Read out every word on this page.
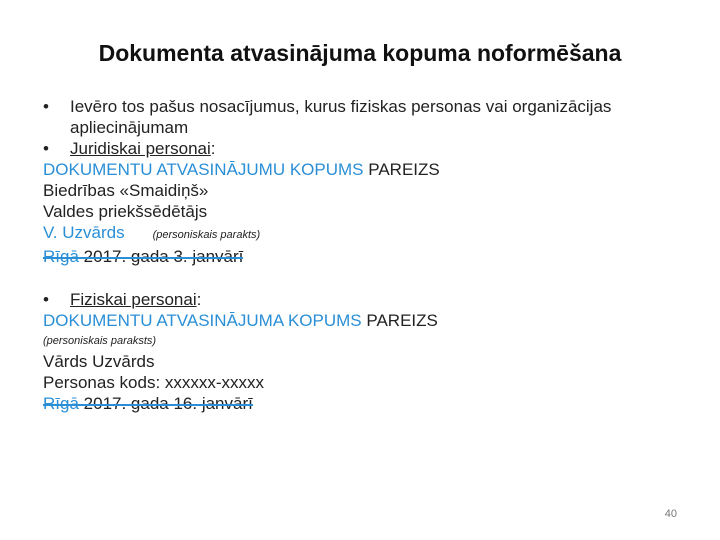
Dokumenta atvasinājuma kopuma noformēšana
• Ievēro tos pašus nosacījumus, kurus fiziskas personas vai organizācijas apliecinājumam
• Juridiskai personai:
DOKUMENTU ATVASINĀJUMU KOPUMS PAREIZS
Biedrības «Smaidiņš»
Valdes priekšsēdētājs
V. Uzvārds	(personiskais parakts)
• Fiziskai personai:
DOKUMENTU ATVASINĀJUMA KOPUMS PAREIZS
(personiskais paraksts)
Vārds Uzvārds
Personas kods: xxxxxx-xxxxx
40
